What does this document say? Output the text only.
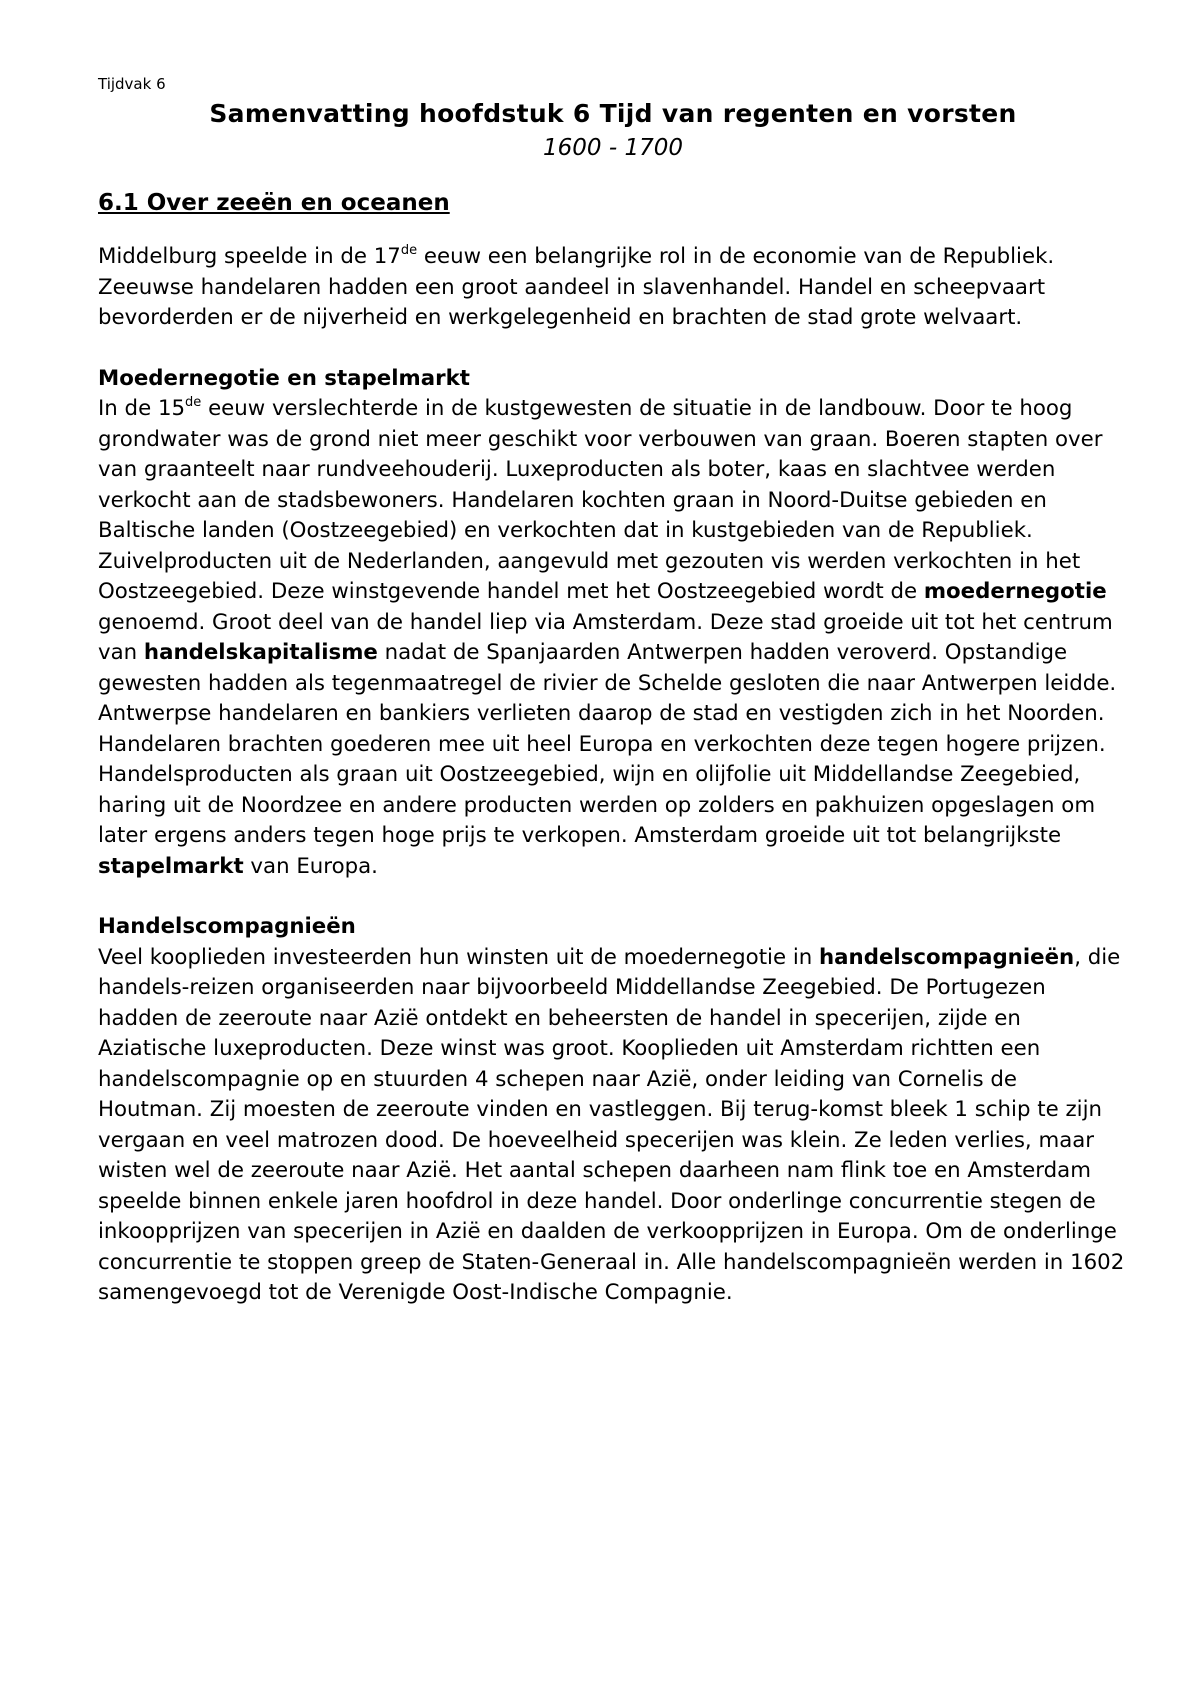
Tijdvak 6

Samenvatting hoofdstuk 6 Tijd van regenten en vorsten

1600 - 1700

6.1 Over zeeën en oceanen

Middelburg speelde in de 17de eeuw een belangrijke rol in de economie van de Republiek. Zeeuwse handelaren hadden een groot aandeel in slavenhandel. Handel en scheepvaart bevorderden er de nijverheid en werkgelegenheid en brachten de stad grote welvaart.

Moedernegotie en stapelmarkt

In de 15de eeuw verslechterde in de kustgewesten de situatie in de landbouw. Door te hoog grondwater was de grond niet meer geschikt voor verbouwen van graan. Boeren stapten over van graanteelt naar rundveehouderij. Luxeproducten als boter, kaas en slachtvee werden verkocht aan de stadsbewoners. Handelaren kochten graan in Noord-Duitse gebieden en Baltische landen (Oostzeegebied) en verkochten dat in kustgebieden van de Republiek. Zuivelproducten uit de Nederlanden, aangevuld met gezouten vis werden verkochten in het Oostzeegebied. Deze winstgevende handel met het Oostzeegebied wordt de moedernegotie genoemd. Groot deel van de handel liep via Amsterdam. Deze stad groeide uit tot het centrum van handelskapitalisme nadat de Spanjaarden Antwerpen hadden veroverd. Opstandige gewesten hadden als tegenmaatregel de rivier de Schelde gesloten die naar Antwerpen leidde. Antwerpse handelaren en bankiers verlieten daarop de stad en vestigden zich in het Noorden. Handelaren brachten goederen mee uit heel Europa en verkochten deze tegen hogere prijzen. Handelsproducten als graan uit Oostzeegebied, wijn en olijfolie uit Middellandse Zeegebied, haring uit de Noordzee en andere producten werden op zolders en pakhuizen opgeslagen om later ergens anders tegen hoge prijs te verkopen. Amsterdam groeide uit tot belangrijkste stapelmarkt van Europa.

Handelscompagnieën

Veel kooplieden investeerden hun winsten uit de moedernegotie in handelscompagnieën, die handels-reizen organiseerden naar bijvoorbeeld Middellandse Zeegebied. De Portugezen hadden de zeeroute naar Azië ontdekt en beheersten de handel in specerijen, zijde en Aziatische luxeproducten. Deze winst was groot. Kooplieden uit Amsterdam richtten een handelscompagnie op en stuurden 4 schepen naar Azië, onder leiding van Cornelis de Houtman. Zij moesten de zeeroute vinden en vastleggen. Bij terug-komst bleek 1 schip te zijn vergaan en veel matrozen dood. De hoeveelheid specerijen was klein. Ze leden verlies, maar wisten wel de zeeroute naar Azië. Het aantal schepen daarheen nam flink toe en Amsterdam speelde binnen enkele jaren hoofdrol in deze handel. Door onderlinge concurrentie stegen de inkoopprijzen van specerijen in Azië en daalden de verkoopprijzen in Europa. Om de onderlinge concurrentie te stoppen greep de Staten-Generaal in. Alle handelscompagnieën werden in 1602 samengevoegd tot de Verenigde Oost-Indische Compagnie.
